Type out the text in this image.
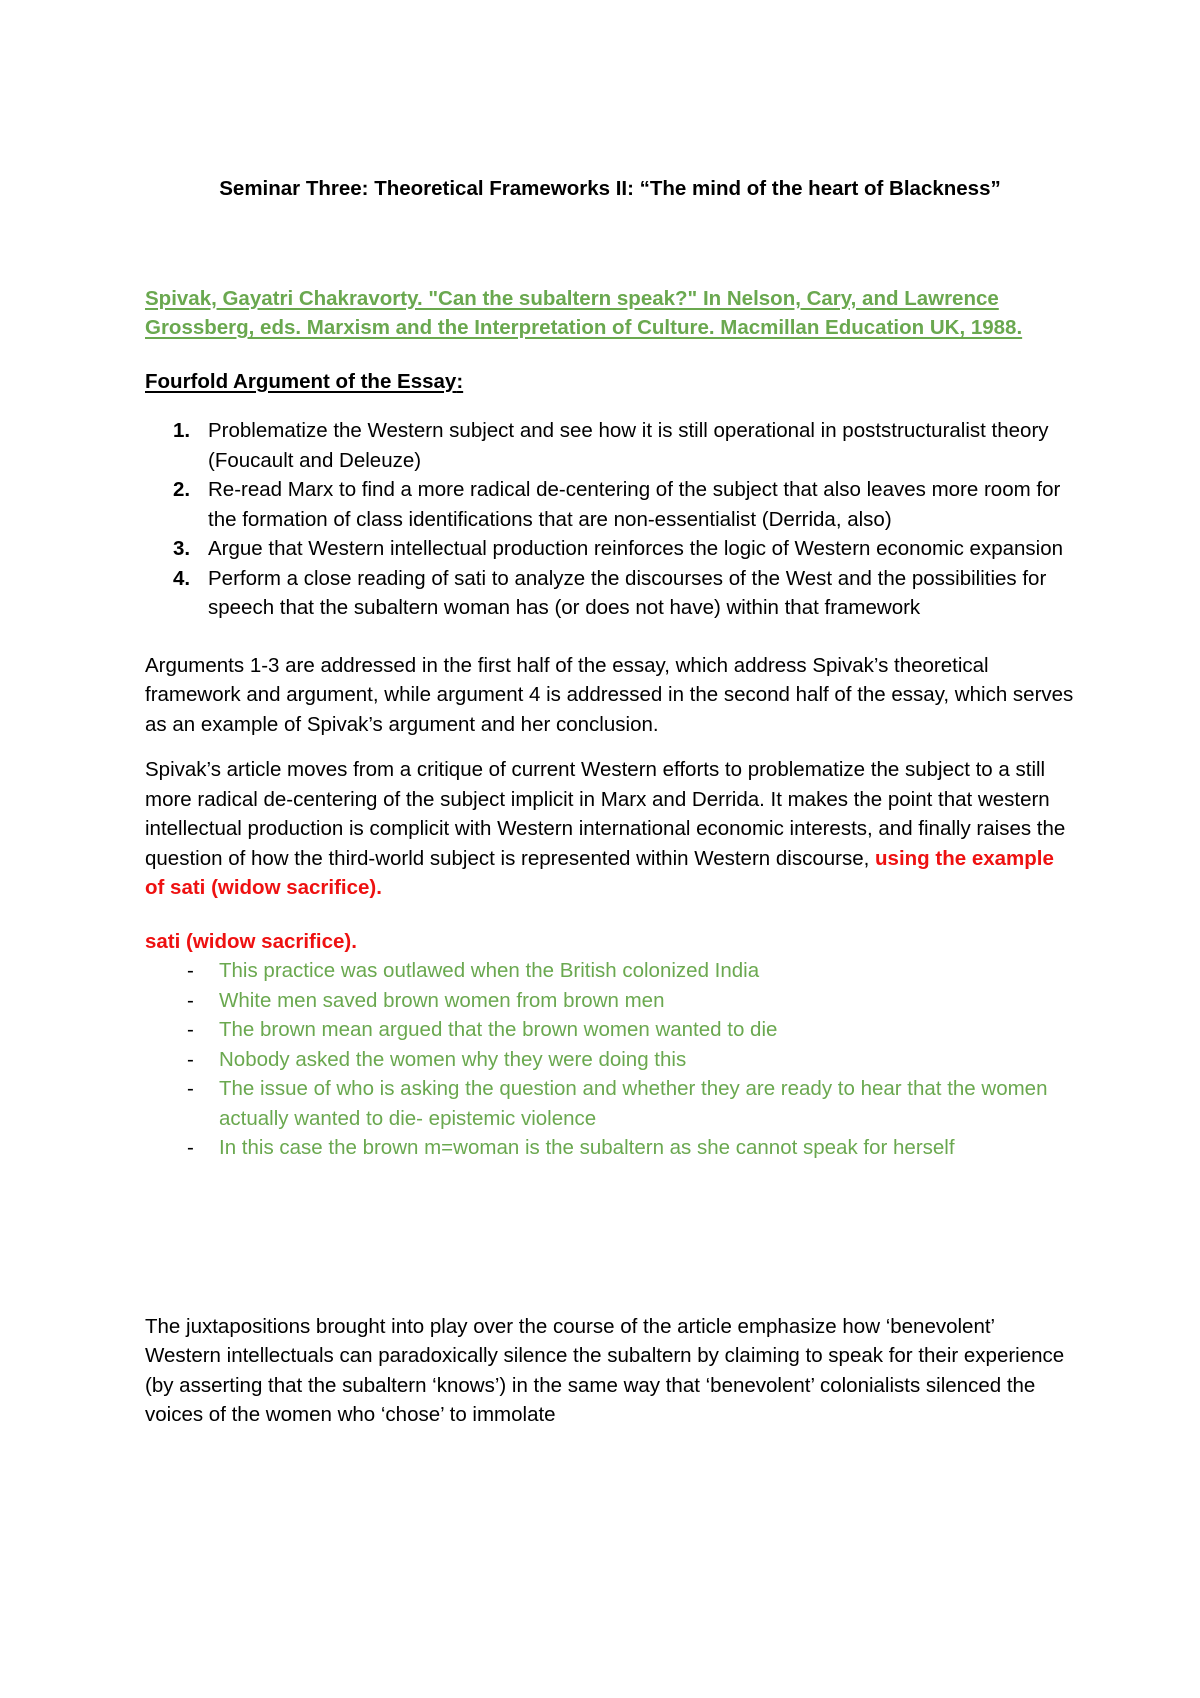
Seminar Three: Theoretical Frameworks II: “The mind of the heart of Blackness”
Spivak, Gayatri Chakravorty. "Can the subaltern speak?" In Nelson, Cary, and Lawrence Grossberg, eds. Marxism and the Interpretation of Culture. Macmillan Education UK, 1988.
Fourfold Argument of the Essay:
1. Problematize the Western subject and see how it is still operational in poststructuralist theory (Foucault and Deleuze)
2. Re-read Marx to find a more radical de-centering of the subject that also leaves more room for the formation of class identifications that are non-essentialist (Derrida, also)
3. Argue that Western intellectual production reinforces the logic of Western economic expansion
4. Perform a close reading of sati to analyze the discourses of the West and the possibilities for speech that the subaltern woman has (or does not have) within that framework

Arguments 1-3 are addressed in the first half of the essay, which address Spivak’s theoretical framework and argument, while argument 4 is addressed in the second half of the essay, which serves as an example of Spivak’s argument and her conclusion.

Spivak’s article moves from a critique of current Western efforts to problematize the subject to a still more radical de-centering of the subject implicit in Marx and Derrida. It makes the point that western intellectual production is complicit with Western international economic interests, and finally raises the question of how the third-world subject is represented within Western discourse, using the example of sati (widow sacrifice).

sati (widow sacrifice).
- This practice was outlawed when the British colonized India
- White men saved brown women from brown men
- The brown mean argued that the brown women wanted to die
- Nobody asked the women why they were doing this
- The issue of who is asking the question and whether they are ready to hear that the women actually wanted to die- epistemic violence
- In this case the brown m=woman is the subaltern as she cannot speak for herself

The juxtapositions brought into play over the course of the article emphasize how ‘benevolent’ Western intellectuals can paradoxically silence the subaltern by claiming to speak for their experience (by asserting that the subaltern ‘knows’) in the same way that ‘benevolent’ colonialists silenced the voices of the women who ‘chose’ to immolate
